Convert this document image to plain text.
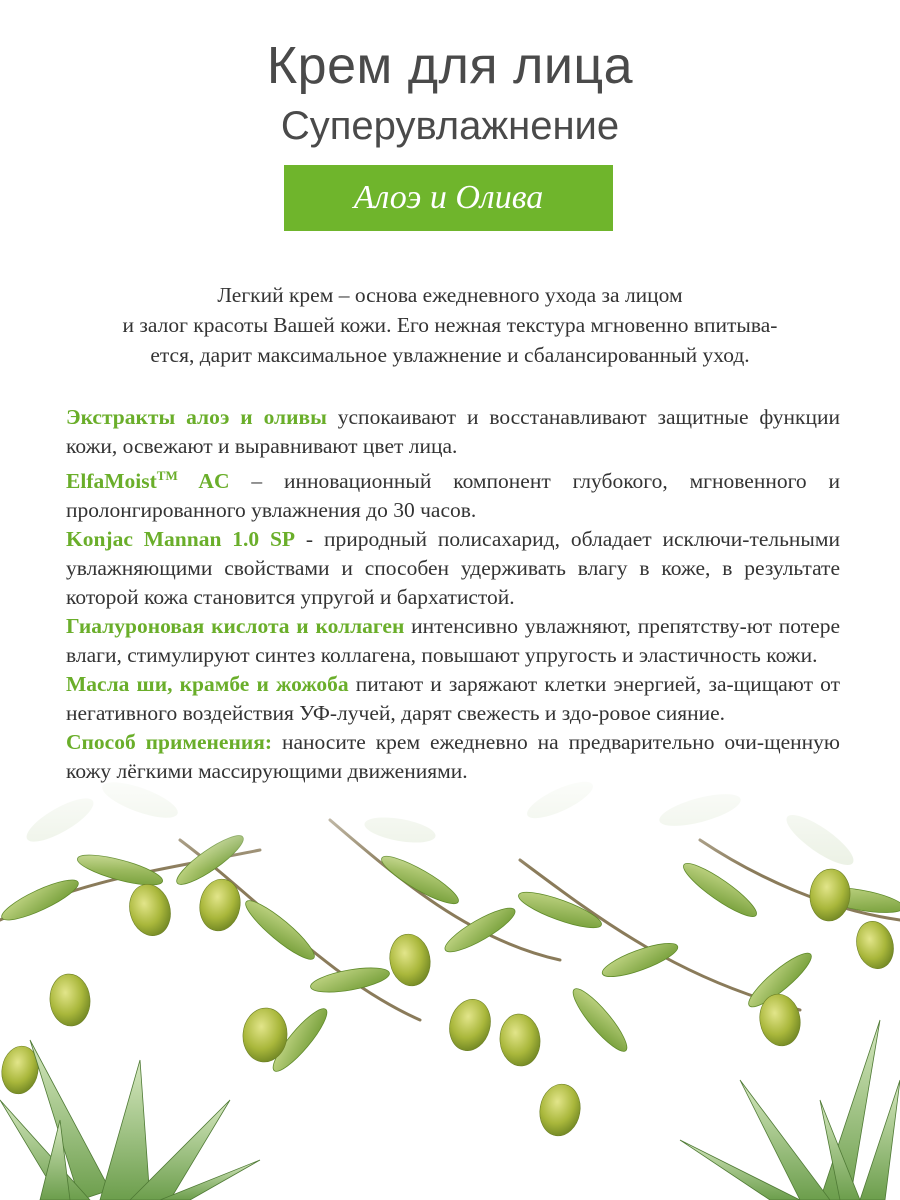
Крем для лица
Суперувлажнение
Алоэ и Олива
Легкий крем – основа ежедневного ухода за лицом
и залог красоты Вашей кожи. Его нежная текстура мгновенно впитыва-
ется, дарит максимальное увлажнение и сбалансированный уход.

Экстракты алоэ и оливы успокаивают и восстанавливают защитные функции кожи, освежают и выравнивают цвет лица.

ElfaMoist™ AC – инновационный компонент глубокого, мгновенного и пролонгированного увлажнения до 30 часов.

Konjac Mannan 1.0 SP - природный полисахарид, обладает исключи-тельными увлажняющими свойствами и способен удерживать влагу в коже, в результате которой кожа становится упругой и бархатистой.

Гиалуроновая кислота и коллаген интенсивно увлажняют, препятству-ют потере влаги, стимулируют синтез коллагена, повышают упругость и эластичность кожи.

Масла ши, крамбе и жожоба питают и заряжают клетки энергией, за-щищают от негативного воздействия УФ-лучей, дарят свежесть и здо-ровое сияние.

Способ применения: наносите крем ежедневно на предварительно очи-щенную кожу лёгкими массирующими движениями.
